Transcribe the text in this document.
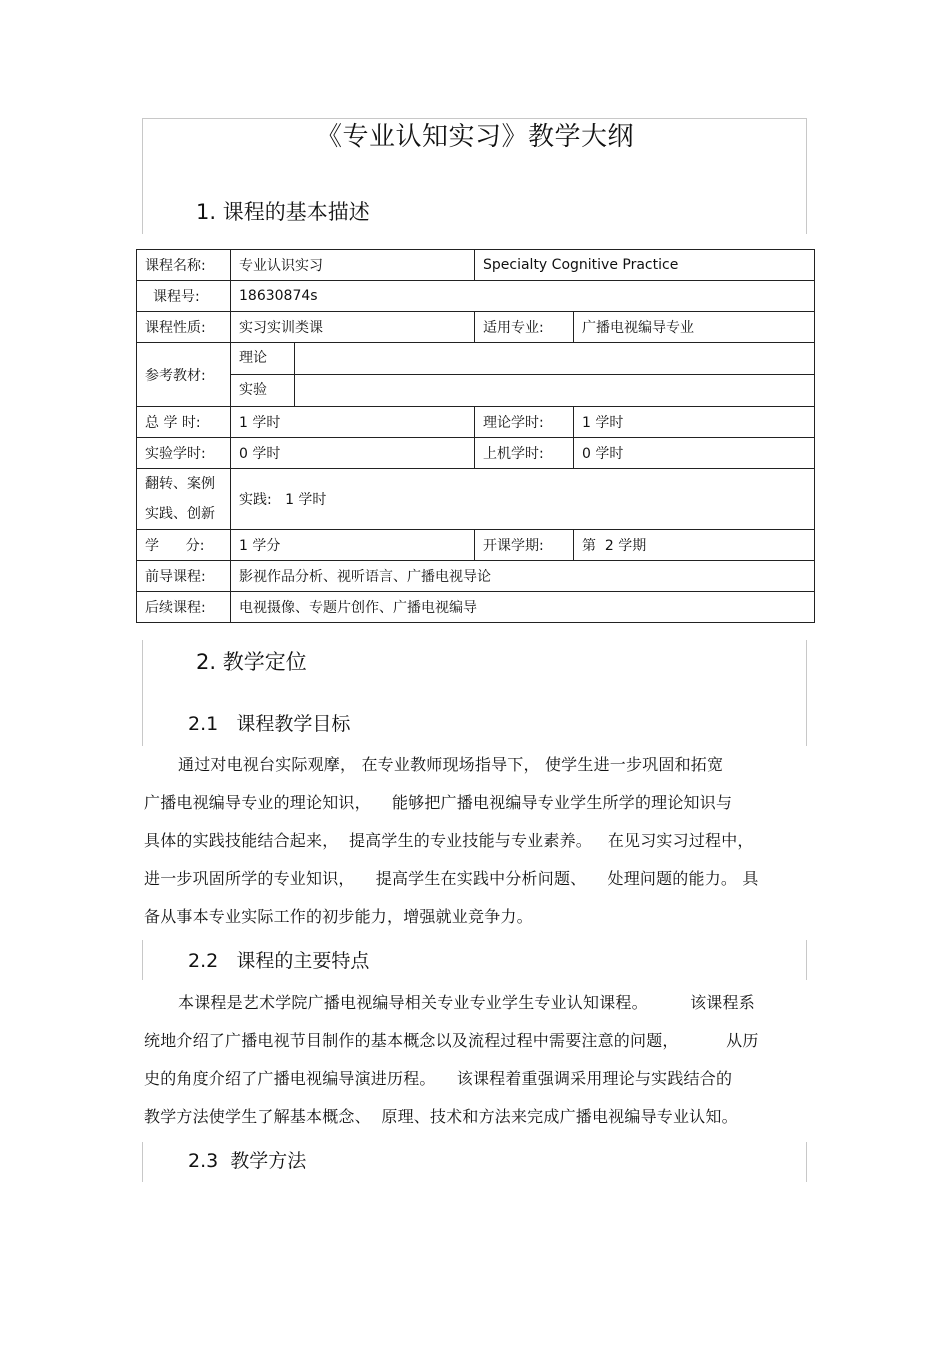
《专业认知实习》教学大纲
1. 课程的基本描述
课程名称:	专业认识实习	Specialty Cognitive Practice	
课程号:	18630874s		
课程性质:	实习实训类课	适用专业:	广播电视编导专业
参考教材:	理论
实验		

总 学 时:	1 学时	理论学时:	1 学时
实验学时:	0 学时	上机学时:	0 学时

翻转、案例
实践、创新	实践:   1 学时		
学      分:	1 学分	开课学期:	第  2 学期
前导课程:	影视作品分析、视听语言、广播电视导论		
后续课程:	电视摄像、专题片创作、广播电视编导		
2. 教学定位
2.1   课程教学目标
通过对电视台实际观摩， 在专业教师现场指导下， 使学生进一步巩固和拓宽
广播电视编导专业的理论知识，    能够把广播电视编导专业学生所学的理论知识与
具体的实践技能结合起来，  提高学生的专业技能与专业素养。   在见习实习过程中，
进一步巩固所学的专业知识，    提高学生在实践中分析问题、    处理问题的能力。 具
备从事本专业实际工作的初步能力，增强就业竞争力。
2.2   课程的主要特点
本课程是艺术学院广播电视编导相关专业专业学生专业认知课程。        该课程系
统地介绍了广播电视节目制作的基本概念以及流程过程中需要注意的问题，         从历
史的角度介绍了广播电视编导演进历程。    该课程着重强调采用理论与实践结合的
教学方法使学生了解基本概念、  原理、技术和方法来完成广播电视编导专业认知。
2.3  教学方法
